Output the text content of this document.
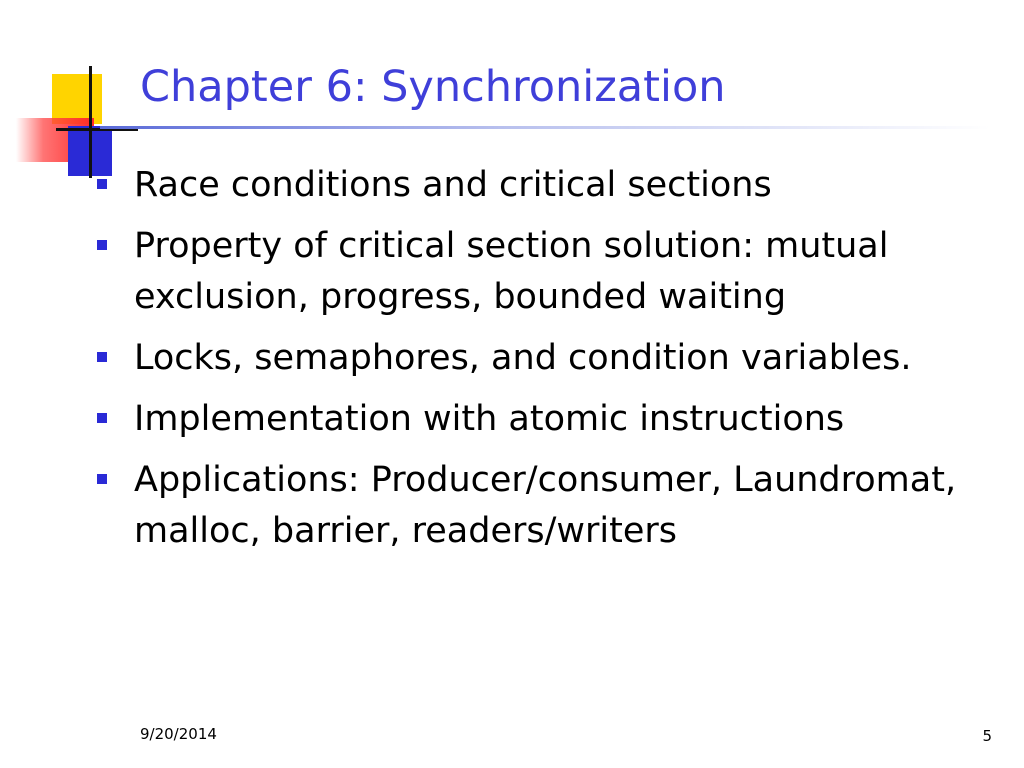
Chapter 6: Synchronization
Race conditions and critical sections
Property of critical section solution: mutual exclusion, progress, bounded waiting
Locks, semaphores, and condition variables.
Implementation with atomic instructions
Applications: Producer/consumer, Laundromat, malloc, barrier, readers/writers
9/20/2014	5
